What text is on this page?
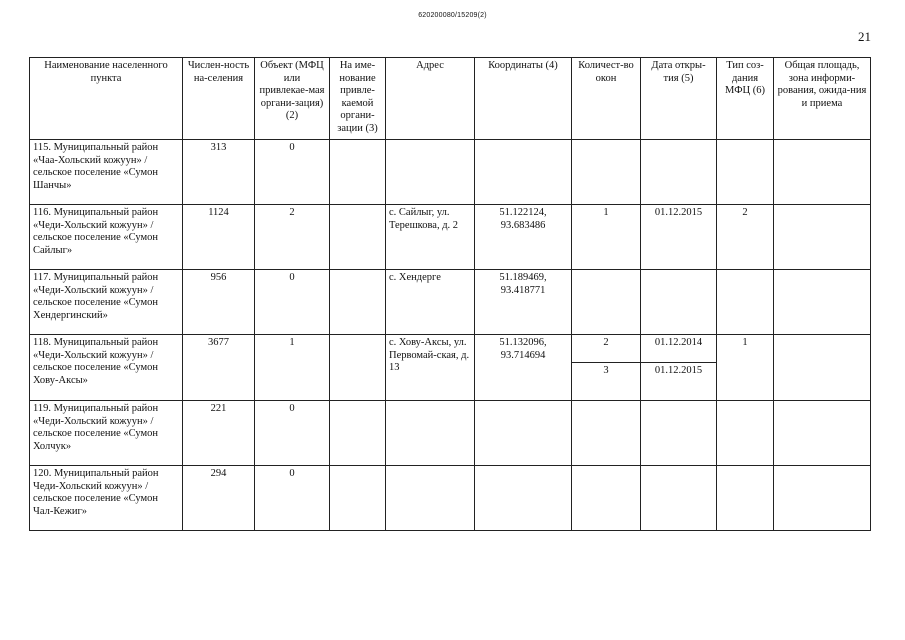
620200080/15209(2)
21
Наименование населенного пункта	Числен-ность на-селения	Объект (МФЦ или привлекае-мая органи-зация) (2)	На име-нование привле-каемой органи-зации (3)	Адрес	Координаты (4)	Количест-во окон	Дата откры-тия (5)	Тип соз-дания МФЦ (6)	Общая площадь, зона информи-рования, ожида-ния и приема
115. Муниципальный район «Чаа-Хольский кожуун» / сельское поселение «Сумон Шанчы»	313	0							
116. Муниципальный район «Чеди-Хольский кожуун» / сельское поселение «Сумон Сайлыг»	1124	2		с. Сайлыг, ул. Терешкова, д. 2	51.122124, 93.683486	1	01.12.2015	2	
117. Муниципальный район «Чеди-Хольский кожуун» / сельское поселение «Сумон Хендергинский»	956	0		с. Хендерге	51.189469, 93.418771				
118. Муниципальный район «Чеди-Хольский кожуун» / сельское поселение «Сумон Хову-Аксы»	3677	1		с. Хову-Аксы, ул. Первомай-ская, д. 13	51.132096, 93.714694	2	01.12.2014	1	
						3	01.12.2015		
119. Муниципальный район «Чеди-Хольский кожуун» / сельское поселение «Сумон Холчук»	221	0							
120. Муниципальный район Чеди-Хольский кожуун» / сельское поселение «Сумон Чал-Кежиг»	294	0							
